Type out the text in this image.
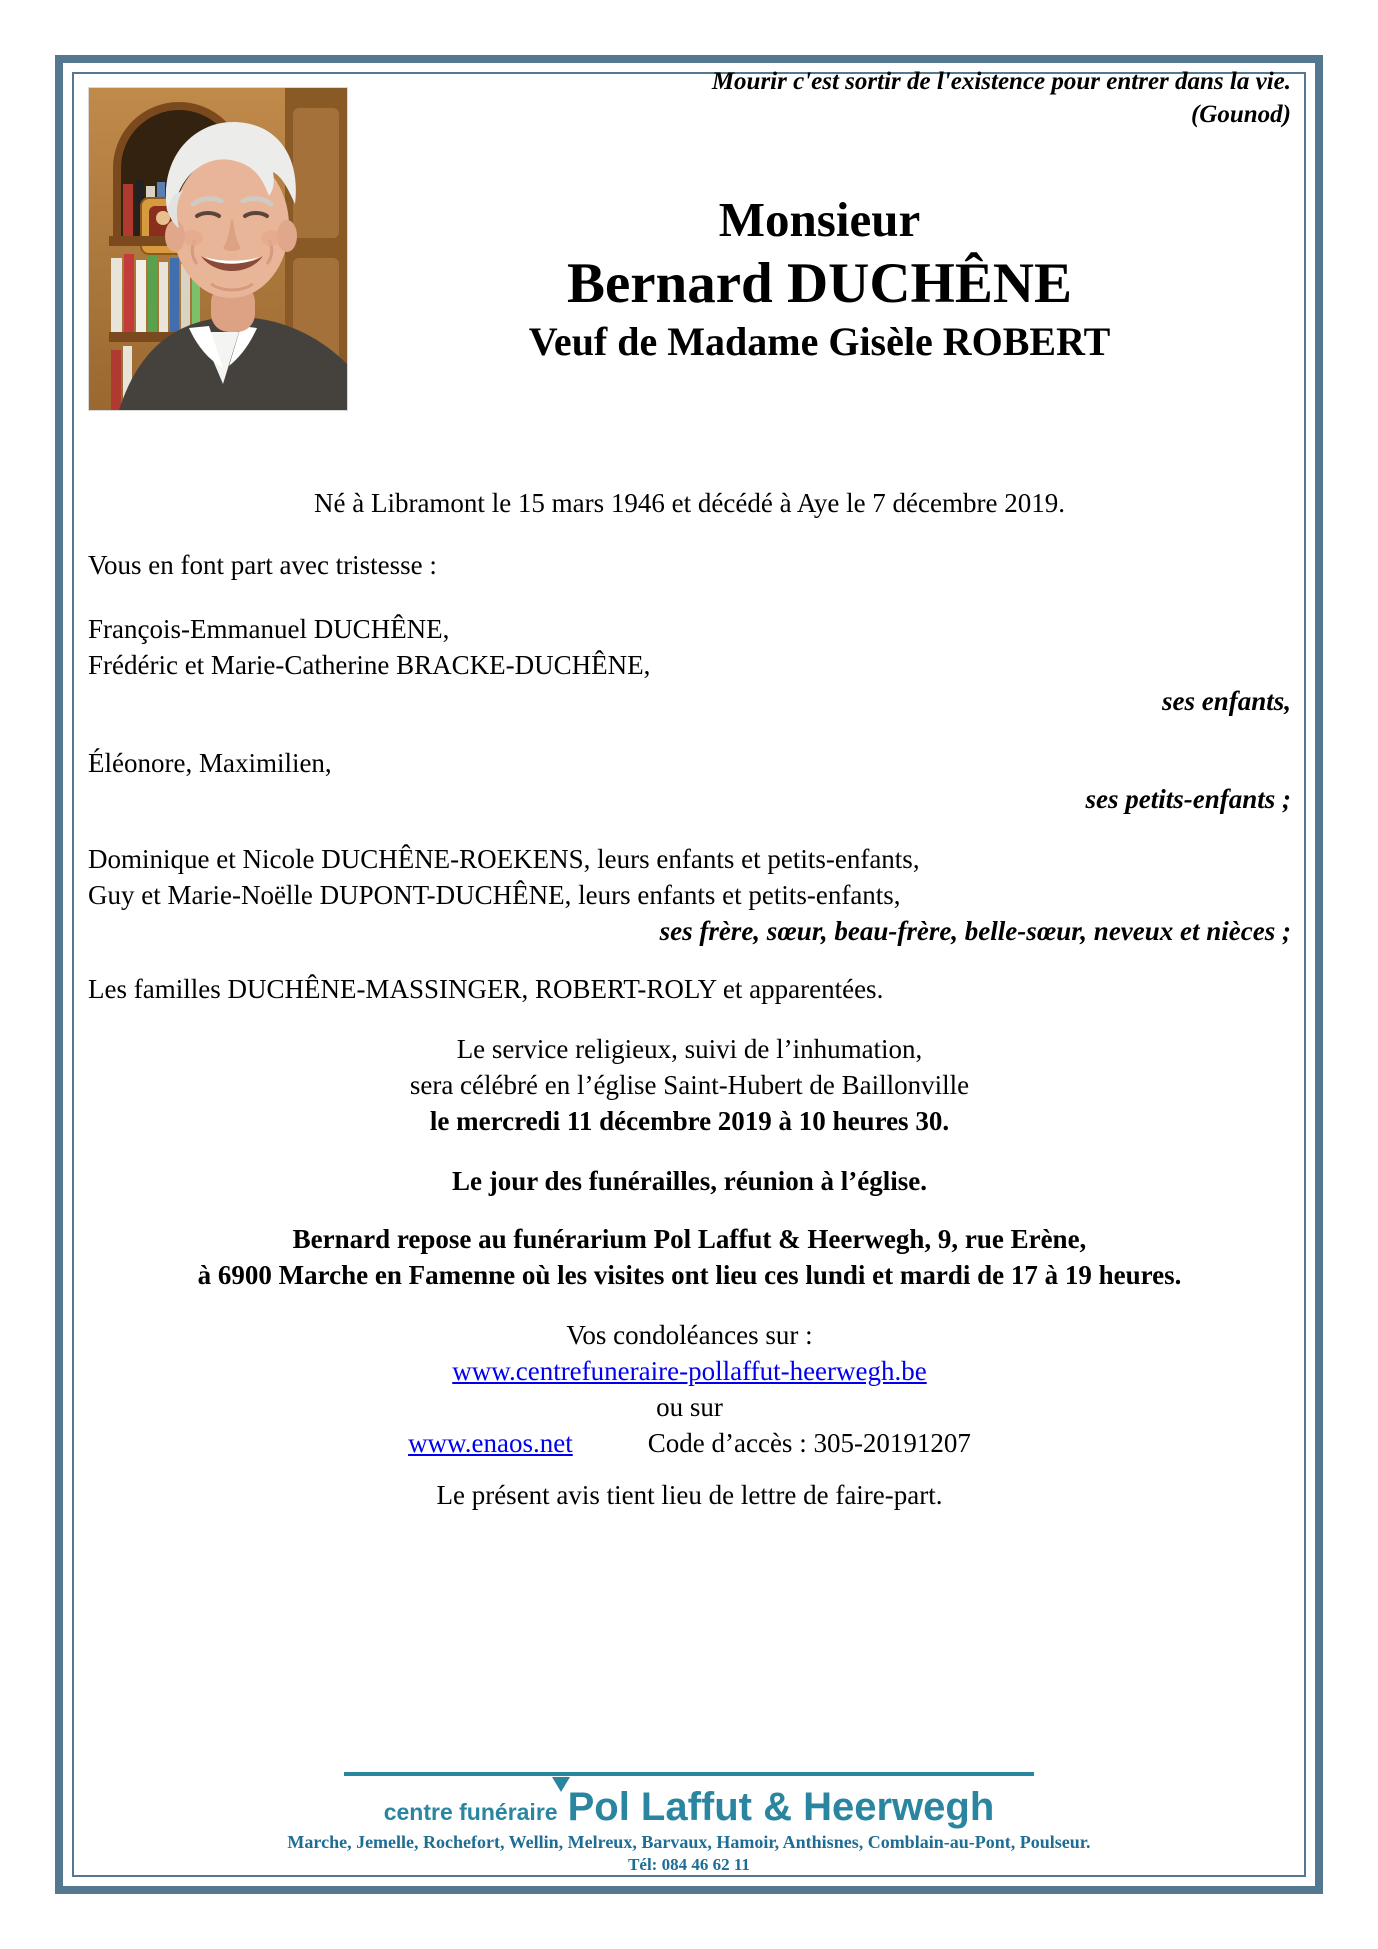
Mourir c'est sortir de l'existence pour entrer dans la vie.
(Gounod)

Monsieur

Bernard DUCHÊNE

Veuf de Madame Gisèle ROBERT

Né à Libramont le 15 mars 1946 et décédé à Aye le 7 décembre 2019.

Vous en font part avec tristesse :

François-Emmanuel DUCHÊNE,
Frédéric et Marie-Catherine BRACKE-DUCHÊNE,

ses enfants,

Éléonore, Maximilien,

ses petits-enfants ;

Dominique et Nicole DUCHÊNE-ROEKENS, leurs enfants et petits-enfants,
Guy et Marie-Noëlle DUPONT-DUCHÊNE, leurs enfants et petits-enfants,

ses frère, sœur, beau-frère, belle-sœur, neveux et nièces ;

Les familles DUCHÊNE-MASSINGER, ROBERT-ROLY et apparentées.

Le service religieux, suivi de l’inhumation,
sera célébré en l’église Saint-Hubert de Baillonville
le mercredi 11 décembre 2019 à 10 heures 30.

Le jour des funérailles, réunion à l’église.

Bernard repose au funérarium Pol Laffut & Heerwegh, 9, rue Erène,
à 6900 Marche en Famenne où les visites ont lieu ces lundi et mardi de 17 à 19 heures.

Vos condoléances sur :

www.centrefuneraire-pollaffut-heerwegh.be

ou sur

www.enaos.net	Code d’accès : 305-20191207

Le présent avis tient lieu de lettre de faire-part.

centre funéraire Pol Laffut & Heerwegh
Marche, Jemelle, Rochefort, Wellin, Melreux, Barvaux, Hamoir, Anthisnes, Comblain-au-Pont, Poulseur.
Tél: 084 46 62 11
